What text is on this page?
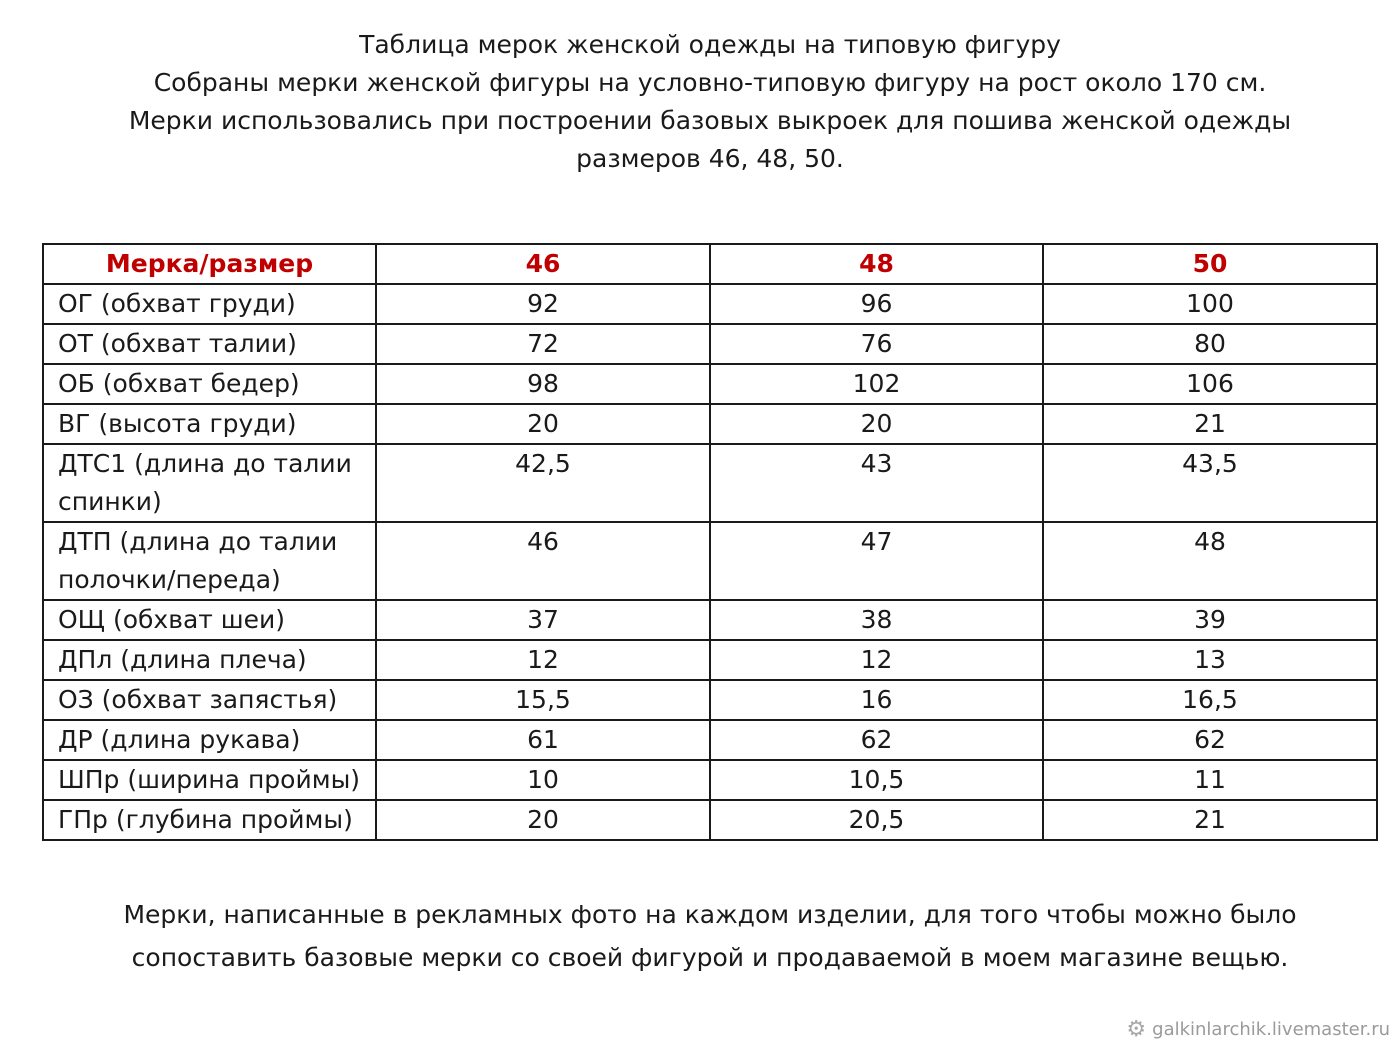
Таблица мерок женской одежды на типовую фигуру
Собраны мерки женской фигуры на условно-типовую фигуру на рост около 170 см.
Мерки использовались при построении базовых выкроек для пошива женской одежды
размеров 46, 48, 50.
Мерка/размер	46	48	50
ОГ (обхват груди)	92	96	100
ОТ (обхват талии)	72	76	80
ОБ (обхват бедер)	98	102	106
ВГ (высота груди)	20	20	21
ДТС1 (длина до талии спинки)	42,5	43	43,5
ДТП (длина до талии полочки/переда)	46	47	48
ОЩ (обхват шеи)	37	38	39
ДПл (длина плеча)	12	12	13
ОЗ (обхват запястья)	15,5	16	16,5
ДР (длина рукава)	61	62	62
ШПр (ширина проймы)	10	10,5	11
ГПр (глубина проймы)	20	20,5	21
Мерки, написанные в рекламных фото на каждом изделии, для того чтобы можно было
сопоставить базовые мерки со своей фигурой и продаваемой в моем магазине вещью.
⚙ galkinlarchik.livemaster.ru
